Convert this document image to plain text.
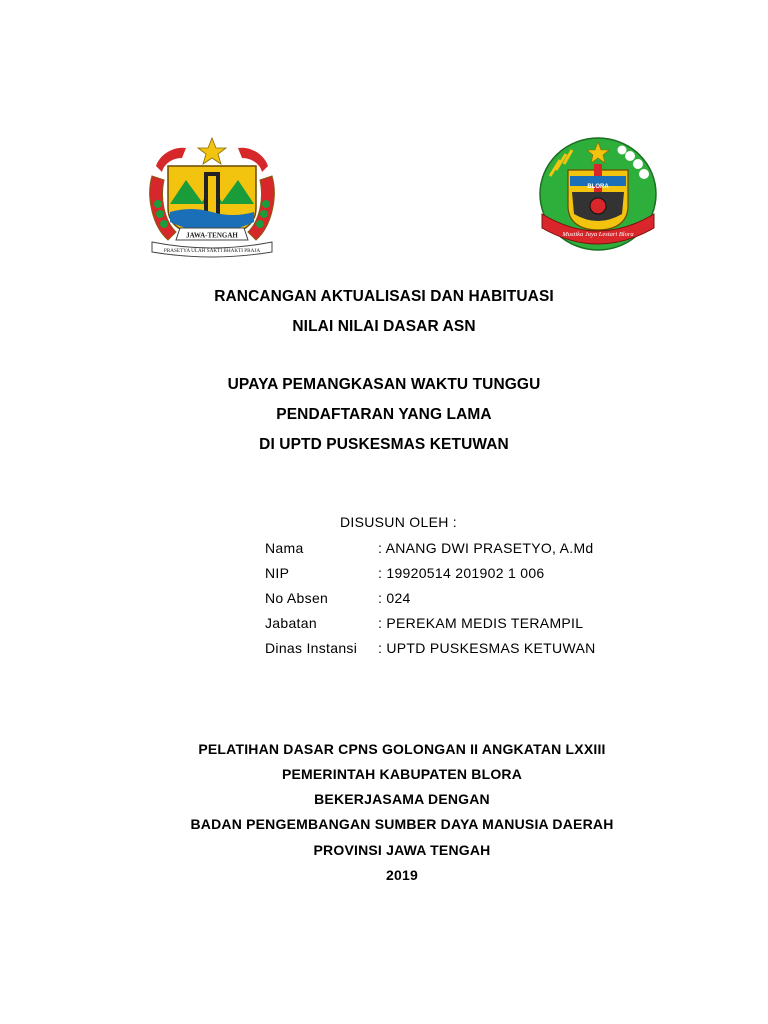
JAWA-TENGAH
PRASETYA ULAH SAKTI BHAKTI PRAJA
BLORA
Mustika Jaya Lestari Blora
RANCANGAN AKTUALISASI DAN HABITUASI
NILAI NILAI DASAR ASN
UPAYA PEMANGKASAN WAKTU TUNGGU
PENDAFTARAN YANG LAMA
DI UPTD PUSKESMAS KETUWAN
DISUSUN OLEH :
Nama	: ANANG DWI PRASETYO, A.Md
NIP	: 19920514 201902 1 006
No Absen	: 024
Jabatan	: PEREKAM MEDIS TERAMPIL
Dinas Instansi : UPTD PUSKESMAS KETUWAN
PELATIHAN DASAR CPNS GOLONGAN II ANGKATAN LXXIII
PEMERINTAH KABUPATEN BLORA
BEKERJASAMA DENGAN
BADAN PENGEMBANGAN SUMBER DAYA MANUSIA DAERAH
PROVINSI JAWA TENGAH
2019
